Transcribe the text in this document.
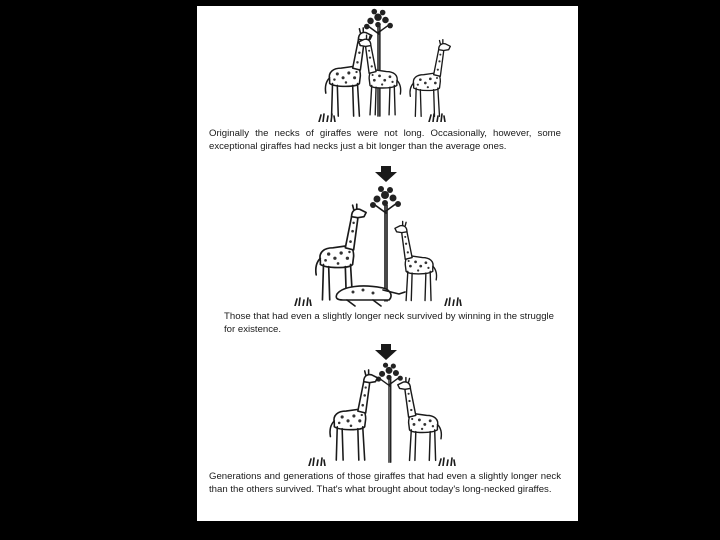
Originally the necks of giraffes were not long. Occasionally, however, some exceptional giraffes had necks just a bit longer than the average ones.

Those that had even a slightly longer neck survived by winning in the struggle for existence.

Generations and generations of those giraffes that had even a slightly longer neck than the others survived. That's what brought about today's long-necked giraffes.
